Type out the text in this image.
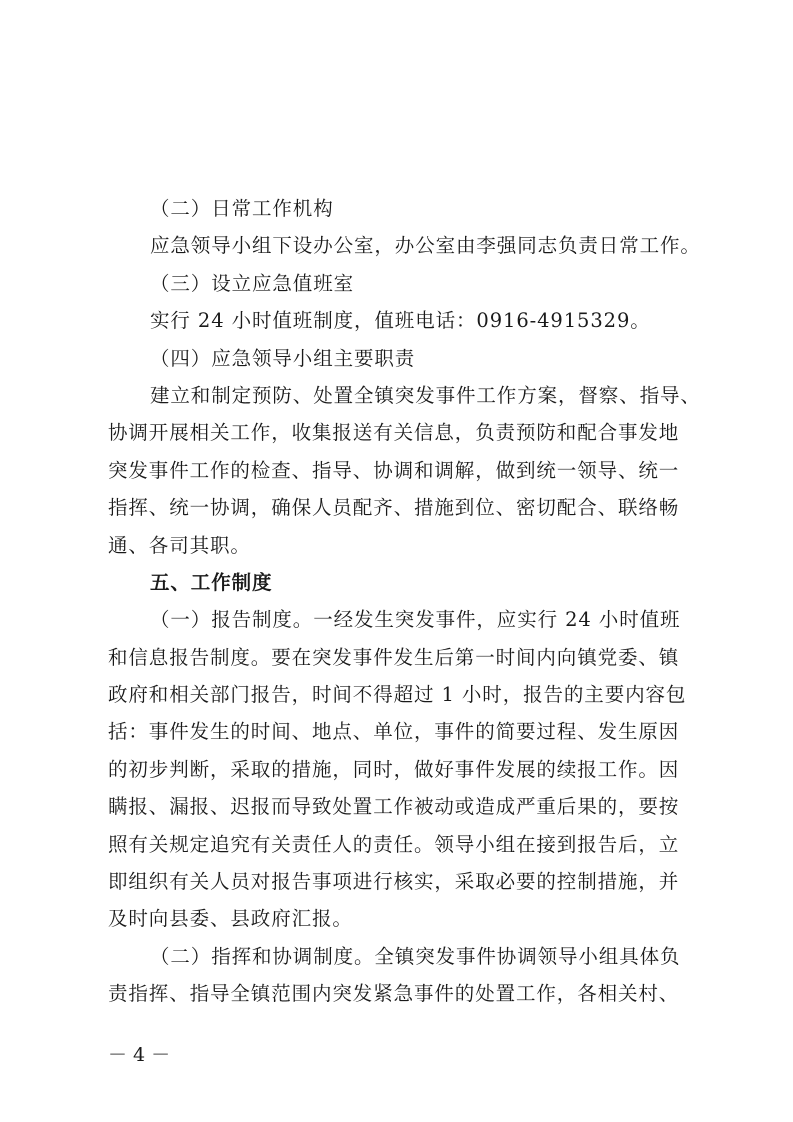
（二）日常工作机构
应急领导小组下设办公室，办公室由李强同志负责日常工作。
（三）设立应急值班室
实行 24 小时值班制度，值班电话：0916-4915329。
（四）应急领导小组主要职责
建立和制定预防、处置全镇突发事件工作方案，督察、指导、
协调开展相关工作，收集报送有关信息，负责预防和配合事发地
突发事件工作的检查、指导、协调和调解，做到统一领导、统一
指挥、统一协调，确保人员配齐、措施到位、密切配合、联络畅
通、各司其职。
五、工作制度
（一）报告制度。一经发生突发事件，应实行 24 小时值班
和信息报告制度。要在突发事件发生后第一时间内向镇党委、镇
政府和相关部门报告，时间不得超过 1 小时，报告的主要内容包
括：事件发生的时间、地点、单位，事件的简要过程、发生原因
的初步判断，采取的措施，同时，做好事件发展的续报工作。因
瞒报、漏报、迟报而导致处置工作被动或造成严重后果的，要按
照有关规定追究有关责任人的责任。领导小组在接到报告后，立
即组织有关人员对报告事项进行核实，采取必要的控制措施，并
及时向县委、县政府汇报。
（二）指挥和协调制度。全镇突发事件协调领导小组具体负
责指挥、指导全镇范围内突发紧急事件的处置工作，各相关村、
－ 4 －
